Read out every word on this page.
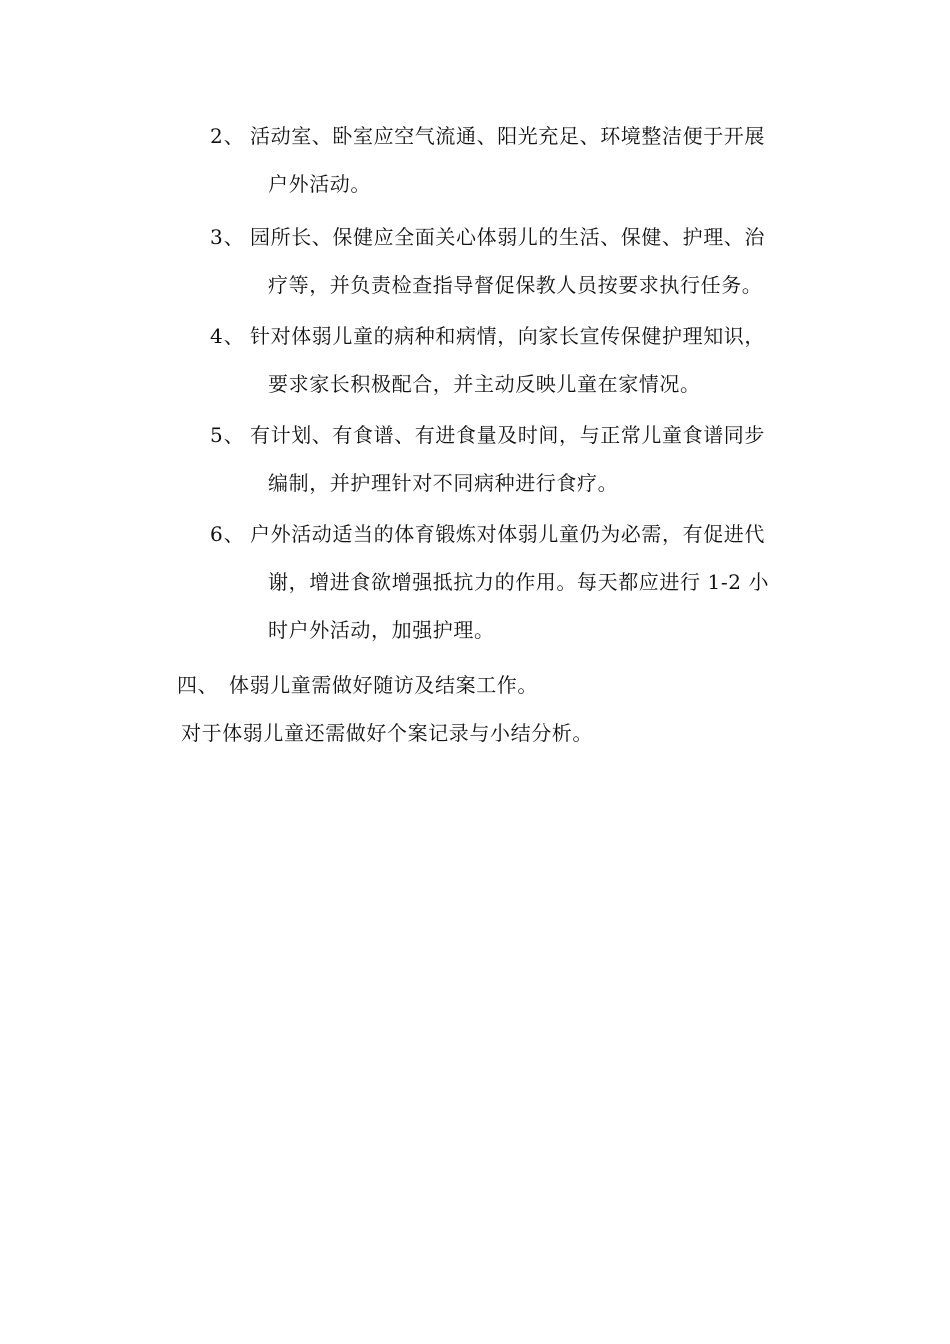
2、 活动室、卧室应空气流通、阳光充足、环境整洁便于开展
户外活动。
3、 园所长、保健应全面关心体弱儿的生活、保健、护理、治
疗等，并负责检查指导督促保教人员按要求执行任务。
4、 针对体弱儿童的病种和病情，向家长宣传保健护理知识，
要求家长积极配合，并主动反映儿童在家情况。
5、 有计划、有食谱、有进食量及时间，与正常儿童食谱同步
编制，并护理针对不同病种进行食疗。
6、 户外活动适当的体育锻炼对体弱儿童仍为必需，有促进代
谢，增进食欲增强抵抗力的作用。每天都应进行 1-2 小
时户外活动，加强护理。
四、 体弱儿童需做好随访及结案工作。
对于体弱儿童还需做好个案记录与小结分析。
